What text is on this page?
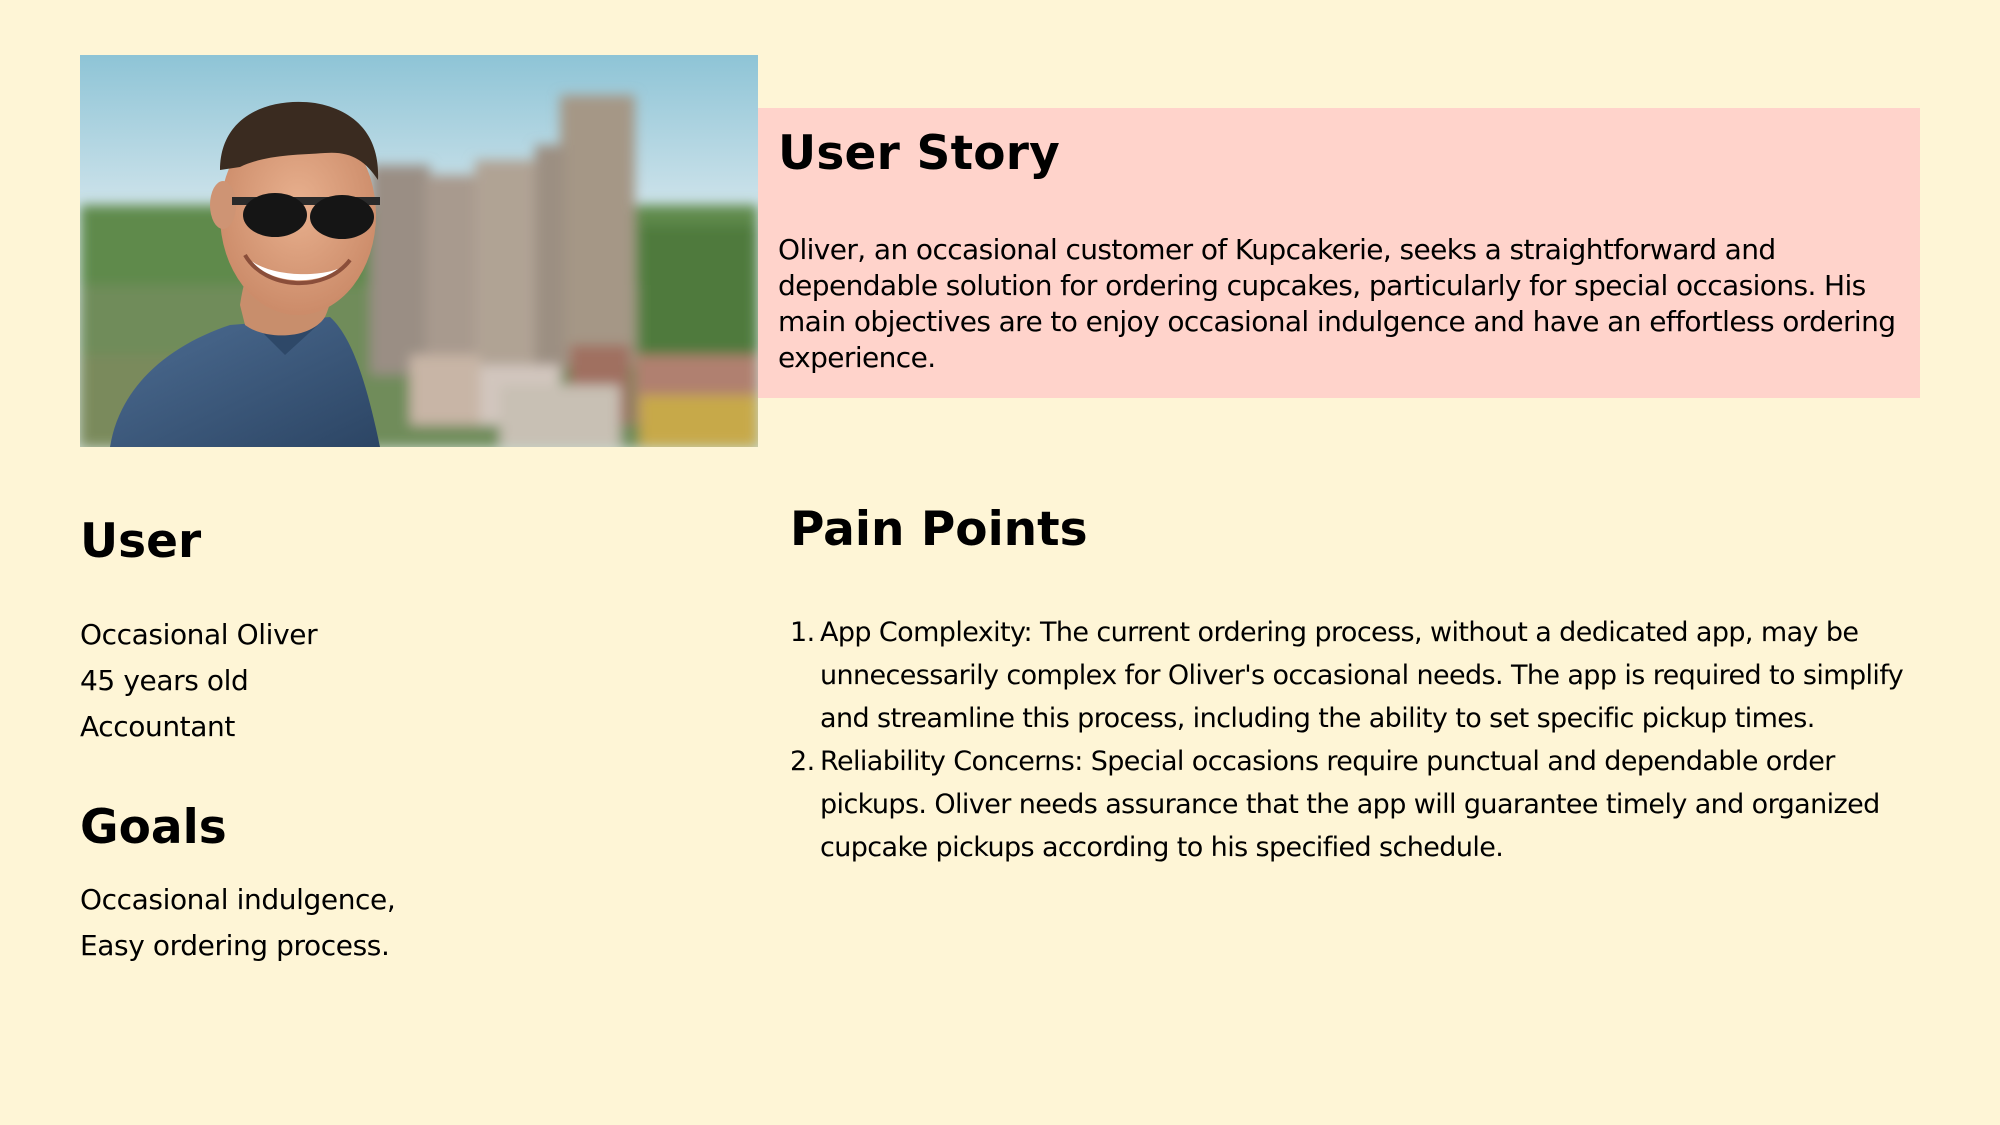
User Story

Oliver, an occasional customer of Kupcakerie, seeks a straightforward and dependable solution for ordering cupcakes, particularly for special occasions. His main objectives are to enjoy occasional indulgence and have an effortless ordering experience.

User
Occasional Oliver
45 years old
Accountant
Goals
Occasional indulgence,
Easy ordering process.
Pain Points
1. App Complexity: The current ordering process, without a dedicated app, may be unnecessarily complex for Oliver's occasional needs. The app is required to simplify and streamline this process, including the ability to set specific pickup times.
2. Reliability Concerns: Special occasions require punctual and dependable order pickups. Oliver needs assurance that the app will guarantee timely and organized cupcake pickups according to his specified schedule.
